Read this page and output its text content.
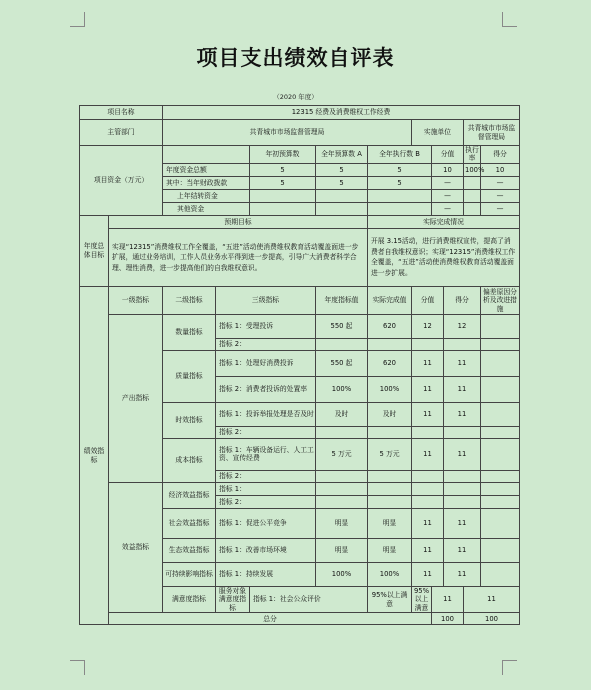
项目支出绩效自评表
（2020 年度）
项目名称		12315 经费及消费维权工作经费										
主管部门		共青城市市场监督管理局					实施单位			共青城市市场监督管理局		
项目资金（万元）				年初预算数	全年预算数 A	全年执行数 B		分值		执行率	得分	
		年度资金总额		5	5	5		10		100%	10	
		其中：当年财政拨款		5	5	5		—			—	
		上年结转资金						—			—	
		其他资金						—			—	
年度总体目标	预期目标					实际完成情况						
	实现“12315”消费维权工作全覆盖，“五进”活动使消费维权教育活动覆盖面进一步扩展，通过业务培训，工作人员业务水平得到进一步提高，引导广大消费者科学合理、理性消费，进一步提高他们的自我维权意识。					开展 3.15活动，进行消费维权宣传，提高了消费者自我维权意识；实现“12315”消费维权工作全覆盖，“五进”活动使消费维权教育活动覆盖面进一步扩展。						
绩效指标	一级指标	二级指标	三级指标		年度指标值	实际完成值	分值		得分		偏差原因分析及改进措施	
	产出指标	数量指标	指标 1：受理投诉		550 起	620	12		12			
			指标 2：									
		质量指标	指标 1：处理好消费投诉		550 起	620	11		11			
			指标 2：消费者投诉的处置率		100%	100%	11		11			
		时效指标	指标 1：投诉举报处理是否及时		及时	及时	11		11			
			指标 2：									
		成本指标	指标 1：车辆设备运行、人工工资、宣传经费		5 万元	5 万元	11		11			
			指标 2：									
	效益指标	经济效益指标	指标 1：									
			指标 2：									
		社会效益指标	指标 1：促进公平竞争		明显	明显	11		11			
		生态效益指标	指标 1：改善市场环境		明显	明显	11		11			
		可持续影响指标	指标 1：持续发展		100%	100%	11		11			
		满意度指标	服务对象满意度指标	指标 1：社会公众评价		95%以上满意	95%以上满意	11		11		
	总分							100		100		
